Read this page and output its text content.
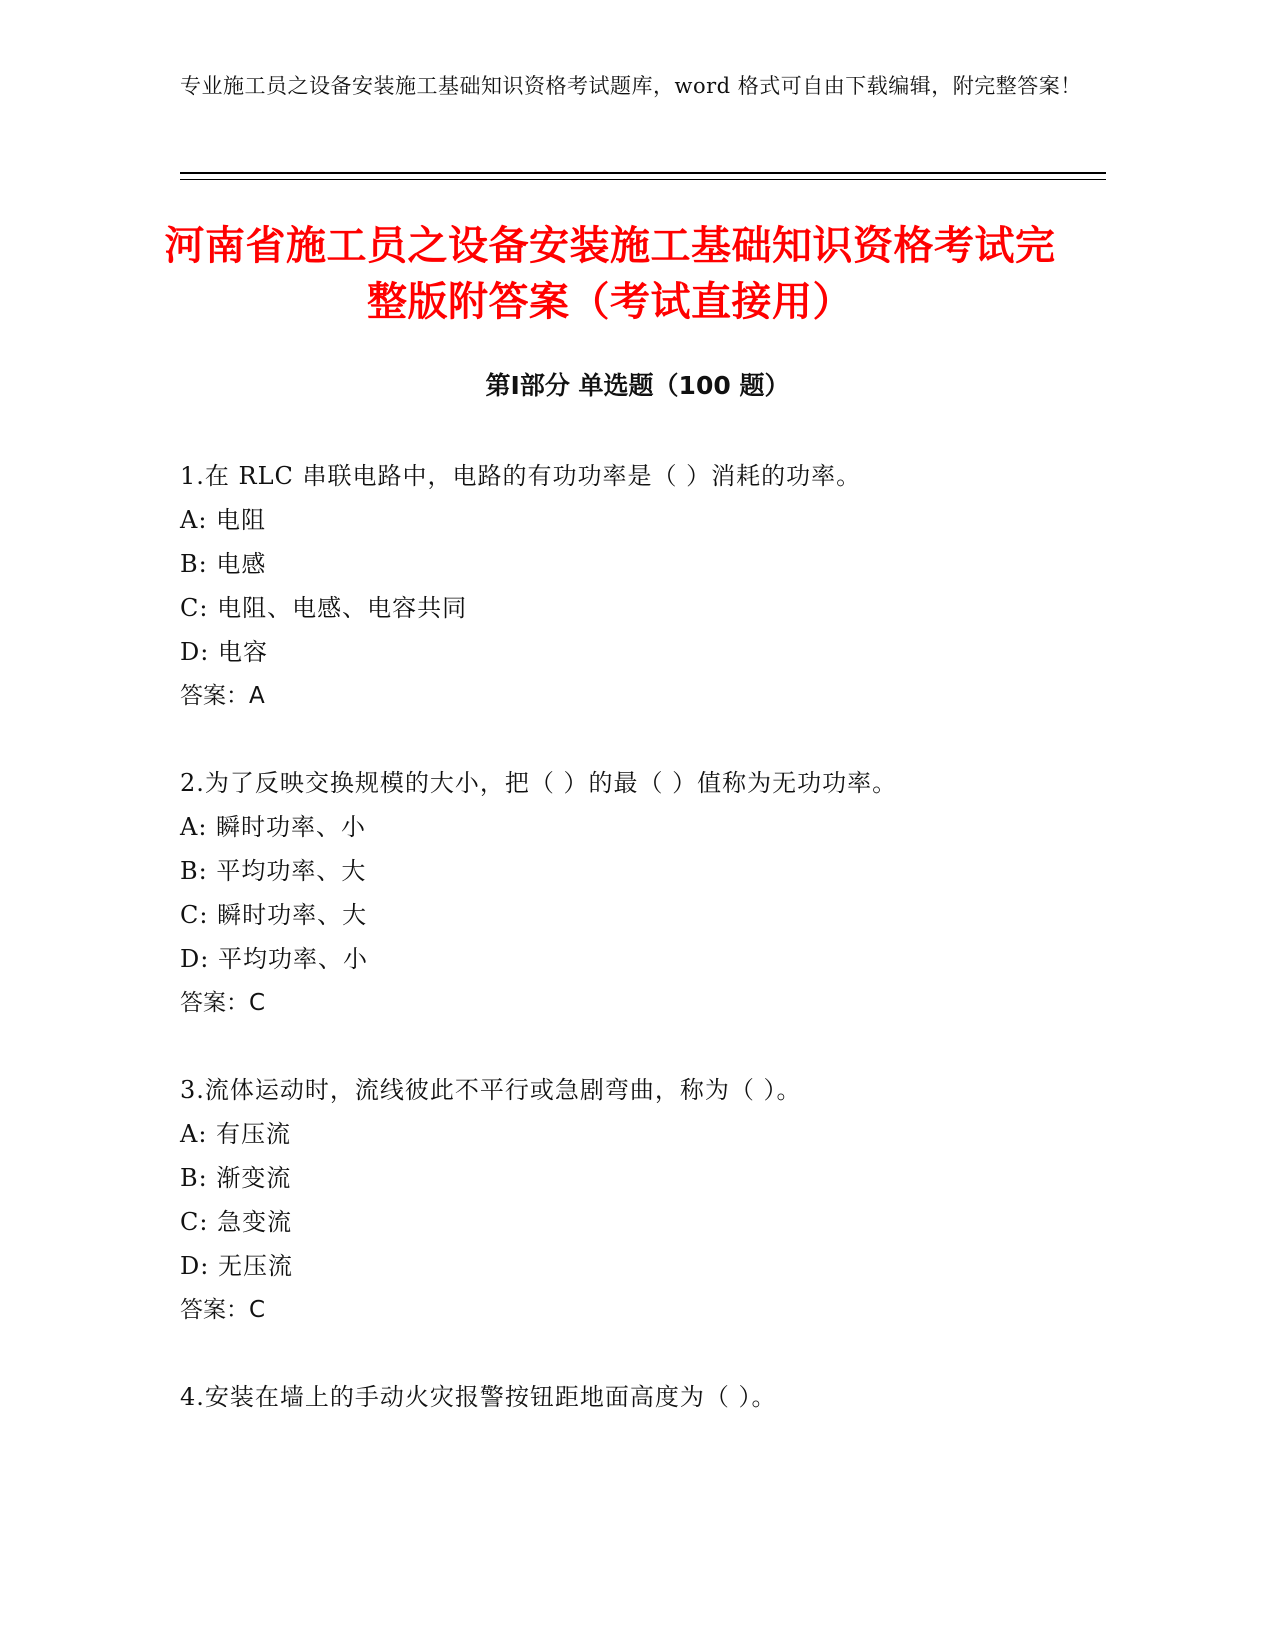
专业施工员之设备安装施工基础知识资格考试题库，word 格式可自由下载编辑，附完整答案！
河南省施工员之设备安装施工基础知识资格考试完整版附答案（考试直接用）
第Ⅰ部分 单选题（100 题）
1.在 RLC 串联电路中，电路的有功功率是（ ）消耗的功率。
A: 电阻
B: 电感
C: 电阻、电感、电容共同
D: 电容
答案：A
2.为了反映交换规模的大小，把（ ）的最（ ）值称为无功功率。
A: 瞬时功率、小
B: 平均功率、大
C: 瞬时功率、大
D: 平均功率、小
答案：C
3.流体运动时，流线彼此不平行或急剧弯曲，称为（ ）。
A: 有压流
B: 渐变流
C: 急变流
D: 无压流
答案：C
4.安装在墙上的手动火灾报警按钮距地面高度为（ ）。
